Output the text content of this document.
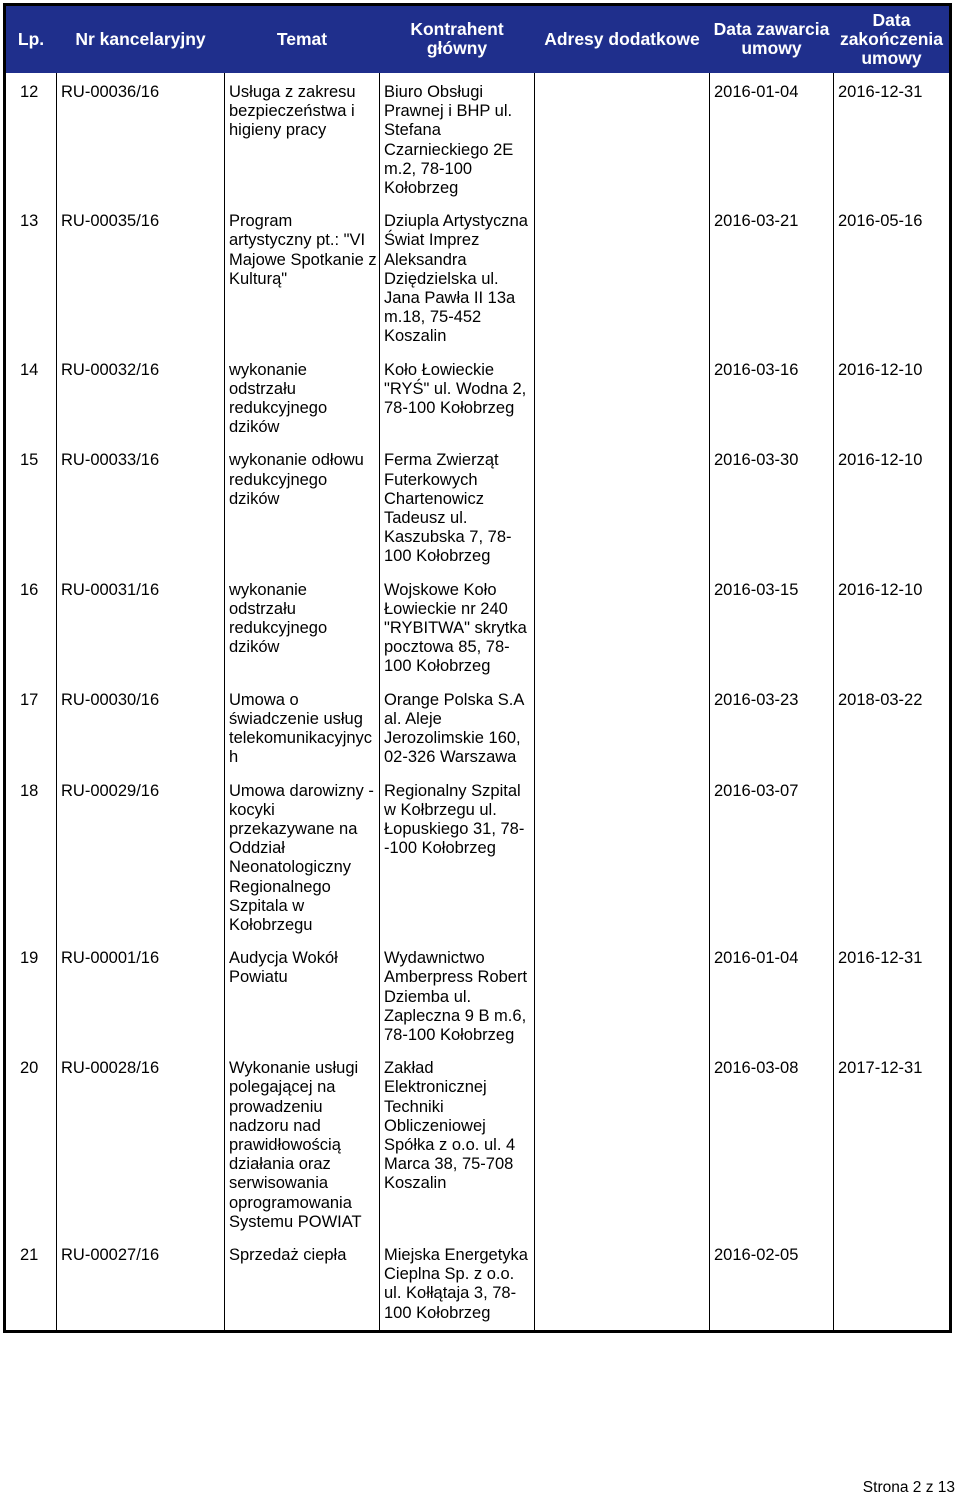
Lp.	Nr kancelaryjny	Temat	Kontrahent główny	Adresy dodatkowe	Data zawarcia umowy	Data zakończenia umowy
12	RU-00036/16	Usługa z zakresu bezpieczeństwa i higieny pracy	Biuro Obsługi Prawnej i BHP ul. Stefana Czarnieckiego 2E m.2, 78-100 Kołobrzeg		2016-01-04	2016-12-31
13	RU-00035/16	Program artystyczny pt.: "VI Majowe Spotkanie z Kulturą"	Dziupla Artystyczna Świat Imprez Aleksandra Dziędzielska ul. Jana Pawła II 13a m.18, 75-452 Koszalin		2016-03-21	2016-05-16
14	RU-00032/16	wykonanie odstrzału redukcyjnego dzików	Koło Łowieckie "RYŚ" ul. Wodna 2, 78-100 Kołobrzeg		2016-03-16	2016-12-10
15	RU-00033/16	wykonanie odłowu redukcyjnego dzików	Ferma Zwierząt Futerkowych Chartenowicz Tadeusz ul. Kaszubska 7, 78-100 Kołobrzeg		2016-03-30	2016-12-10
16	RU-00031/16	wykonanie odstrzału redukcyjnego dzików	Wojskowe Koło Łowieckie nr 240 "RYBITWA" skrytka pocztowa 85, 78-100 Kołobrzeg		2016-03-15	2016-12-10
17	RU-00030/16	Umowa o świadczenie usług telekomunikacyjnych	Orange Polska S.A al. Aleje Jerozolimskie 160, 02-326 Warszawa		2016-03-23	2018-03-22
18	RU-00029/16	Umowa darowizny - kocyki przekazywane na Oddział Neonatologiczny Regionalnego Szpitala w Kołobrzegu	Regionalny Szpital w Kołbrzegu ul. Łopuskiego 31, 78--100 Kołobrzeg		2016-03-07	
19	RU-00001/16	Audycja Wokół Powiatu	Wydawnictwo Amberpress Robert Dziemba ul. Zapleczna 9 B m.6, 78-100 Kołobrzeg		2016-01-04	2016-12-31
20	RU-00028/16	Wykonanie usługi polegającej na prowadzeniu nadzoru nad prawidłowością działania oraz serwisowania oprogramowania Systemu POWIAT	Zakład Elektronicznej Techniki Obliczeniowej Spółka z o.o. ul. 4 Marca 38, 75-708 Koszalin		2016-03-08	2017-12-31
21	RU-00027/16	Sprzedaż ciepła	Miejska Energetyka Cieplna Sp. z o.o. ul. Kołłątaja 3, 78-100 Kołobrzeg		2016-02-05	
Strona 2 z 13
